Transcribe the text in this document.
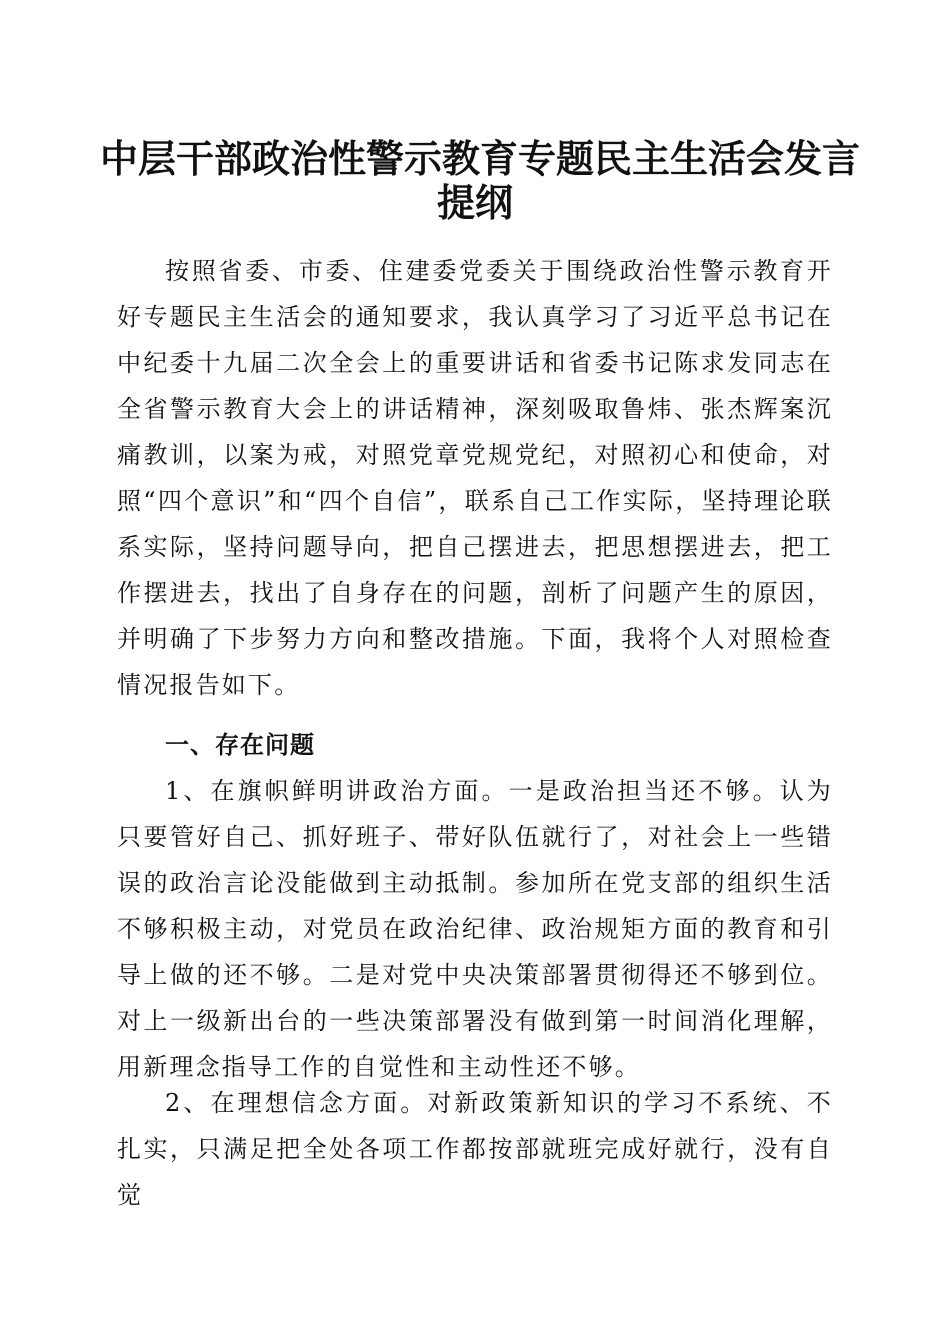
中层干部政治性警示教育专题民主生活会发言
提纲

按照省委、市委、住建委党委关于围绕政治性警示教育开好专题民主生活会的通知要求，我认真学习了习近平总书记在中纪委十九届二次全会上的重要讲话和省委书记陈求发同志在全省警示教育大会上的讲话精神，深刻吸取鲁炜、张杰辉案沉痛教训，以案为戒，对照党章党规党纪，对照初心和使命，对照“四个意识”和“四个自信”，联系自己工作实际，坚持理论联系实际，坚持问题导向，把自己摆进去，把思想摆进去，把工作摆进去，找出了自身存在的问题，剖析了问题产生的原因，并明确了下步努力方向和整改措施。下面，我将个人对照检查情况报告如下。

一、存在问题

1、在旗帜鲜明讲政治方面。一是政治担当还不够。认为只要管好自己、抓好班子、带好队伍就行了，对社会上一些错误的政治言论没能做到主动抵制。参加所在党支部的组织生活不够积极主动，对党员在政治纪律、政治规矩方面的教育和引导上做的还不够。二是对党中央决策部署贯彻得还不够到位。对上一级新出台的一些决策部署没有做到第一时间消化理解，用新理念指导工作的自觉性和主动性还不够。

2、在理想信念方面。对新政策新知识的学习不系统、不扎实，只满足把全处各项工作都按部就班完成好就行，没有自觉
